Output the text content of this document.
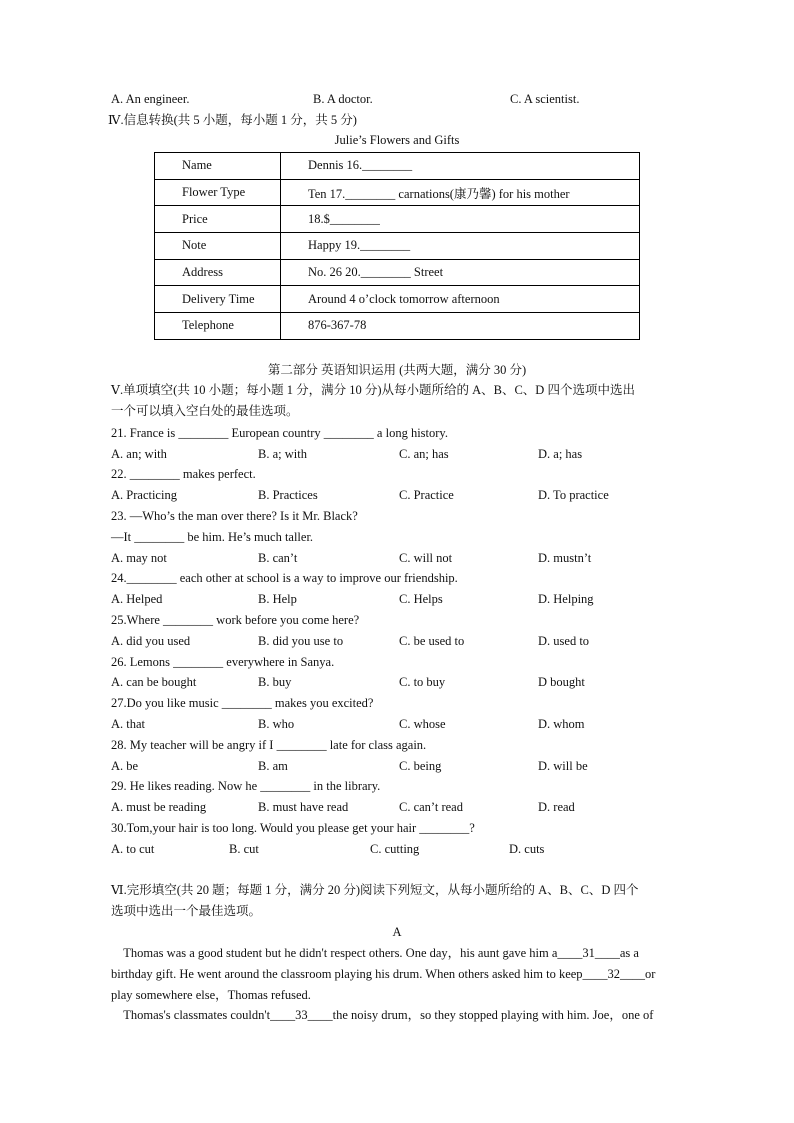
A. An engineer.	B. A doctor.	C. A scientist.
Ⅳ.信息转换(共 5 小题，每小题 1 分，共 5 分)
Julie’s Flowers and Gifts
Name	Dennis 16.________
Flower Type	Ten 17.________ carnations(康乃馨) for his mother
Price	18.$________
Note	Happy 19.________
Address	No. 26 20.________ Street
Delivery Time	Around 4 o’clock tomorrow afternoon
Telephone	876-367-78
第二部分 英语知识运用 (共两大题，满分 30 分)
Ⅴ.单项填空(共 10 小题；每小题 1 分，满分 10 分)从每小题所给的 A、B、C、D 四个选项中选出
一个可以填入空白处的最佳选项。
21. France is ________ European country ________ a long history.
A. an; with	B. a; with	C. an; has	D. a; has
22. ________ makes perfect.
A. Practicing	B. Practices	C. Practice	D. To practice
23. —Who’s the man over there? Is it Mr. Black?
—It ________ be him. He’s much taller.
A. may not	B. can’t	C. will not	D. mustn’t
24.________ each other at school is a way to improve our friendship.
A. Helped	B. Help	C. Helps	D. Helping
25.Where ________ work before you come here?
A. did you used	B. did you use to	C. be used to	D. used to
26. Lemons ________ everywhere in Sanya.
A. can be bought	B. buy	C. to buy	D bought
27.Do you like music ________ makes you excited?
A. that	B. who	C. whose	D. whom
28. My teacher will be angry if I ________ late for class again.
A. be	B. am	C. being	D. will be
29. He likes reading. Now he ________ in the library.
A. must be reading	B. must have read	C. can’t read	D. read
30.Tom,your hair is too long. Would you please get your hair ________?
A. to cut	B. cut	C. cutting	D. cuts
Ⅵ.完形填空(共 20 题；每题 1 分，满分 20 分)阅读下列短文，从每小题所给的 A、B、C、D 四个
选项中选出一个最佳选项。
A
Thomas was a good student but he didn't respect others. One day，his aunt gave him a____31____as a
birthday gift. He went around the classroom playing his drum. When others asked him to keep____32____or
play somewhere else，Thomas refused.
Thomas's classmates couldn't____33____the noisy drum，so they stopped playing with him. Joe，one of
